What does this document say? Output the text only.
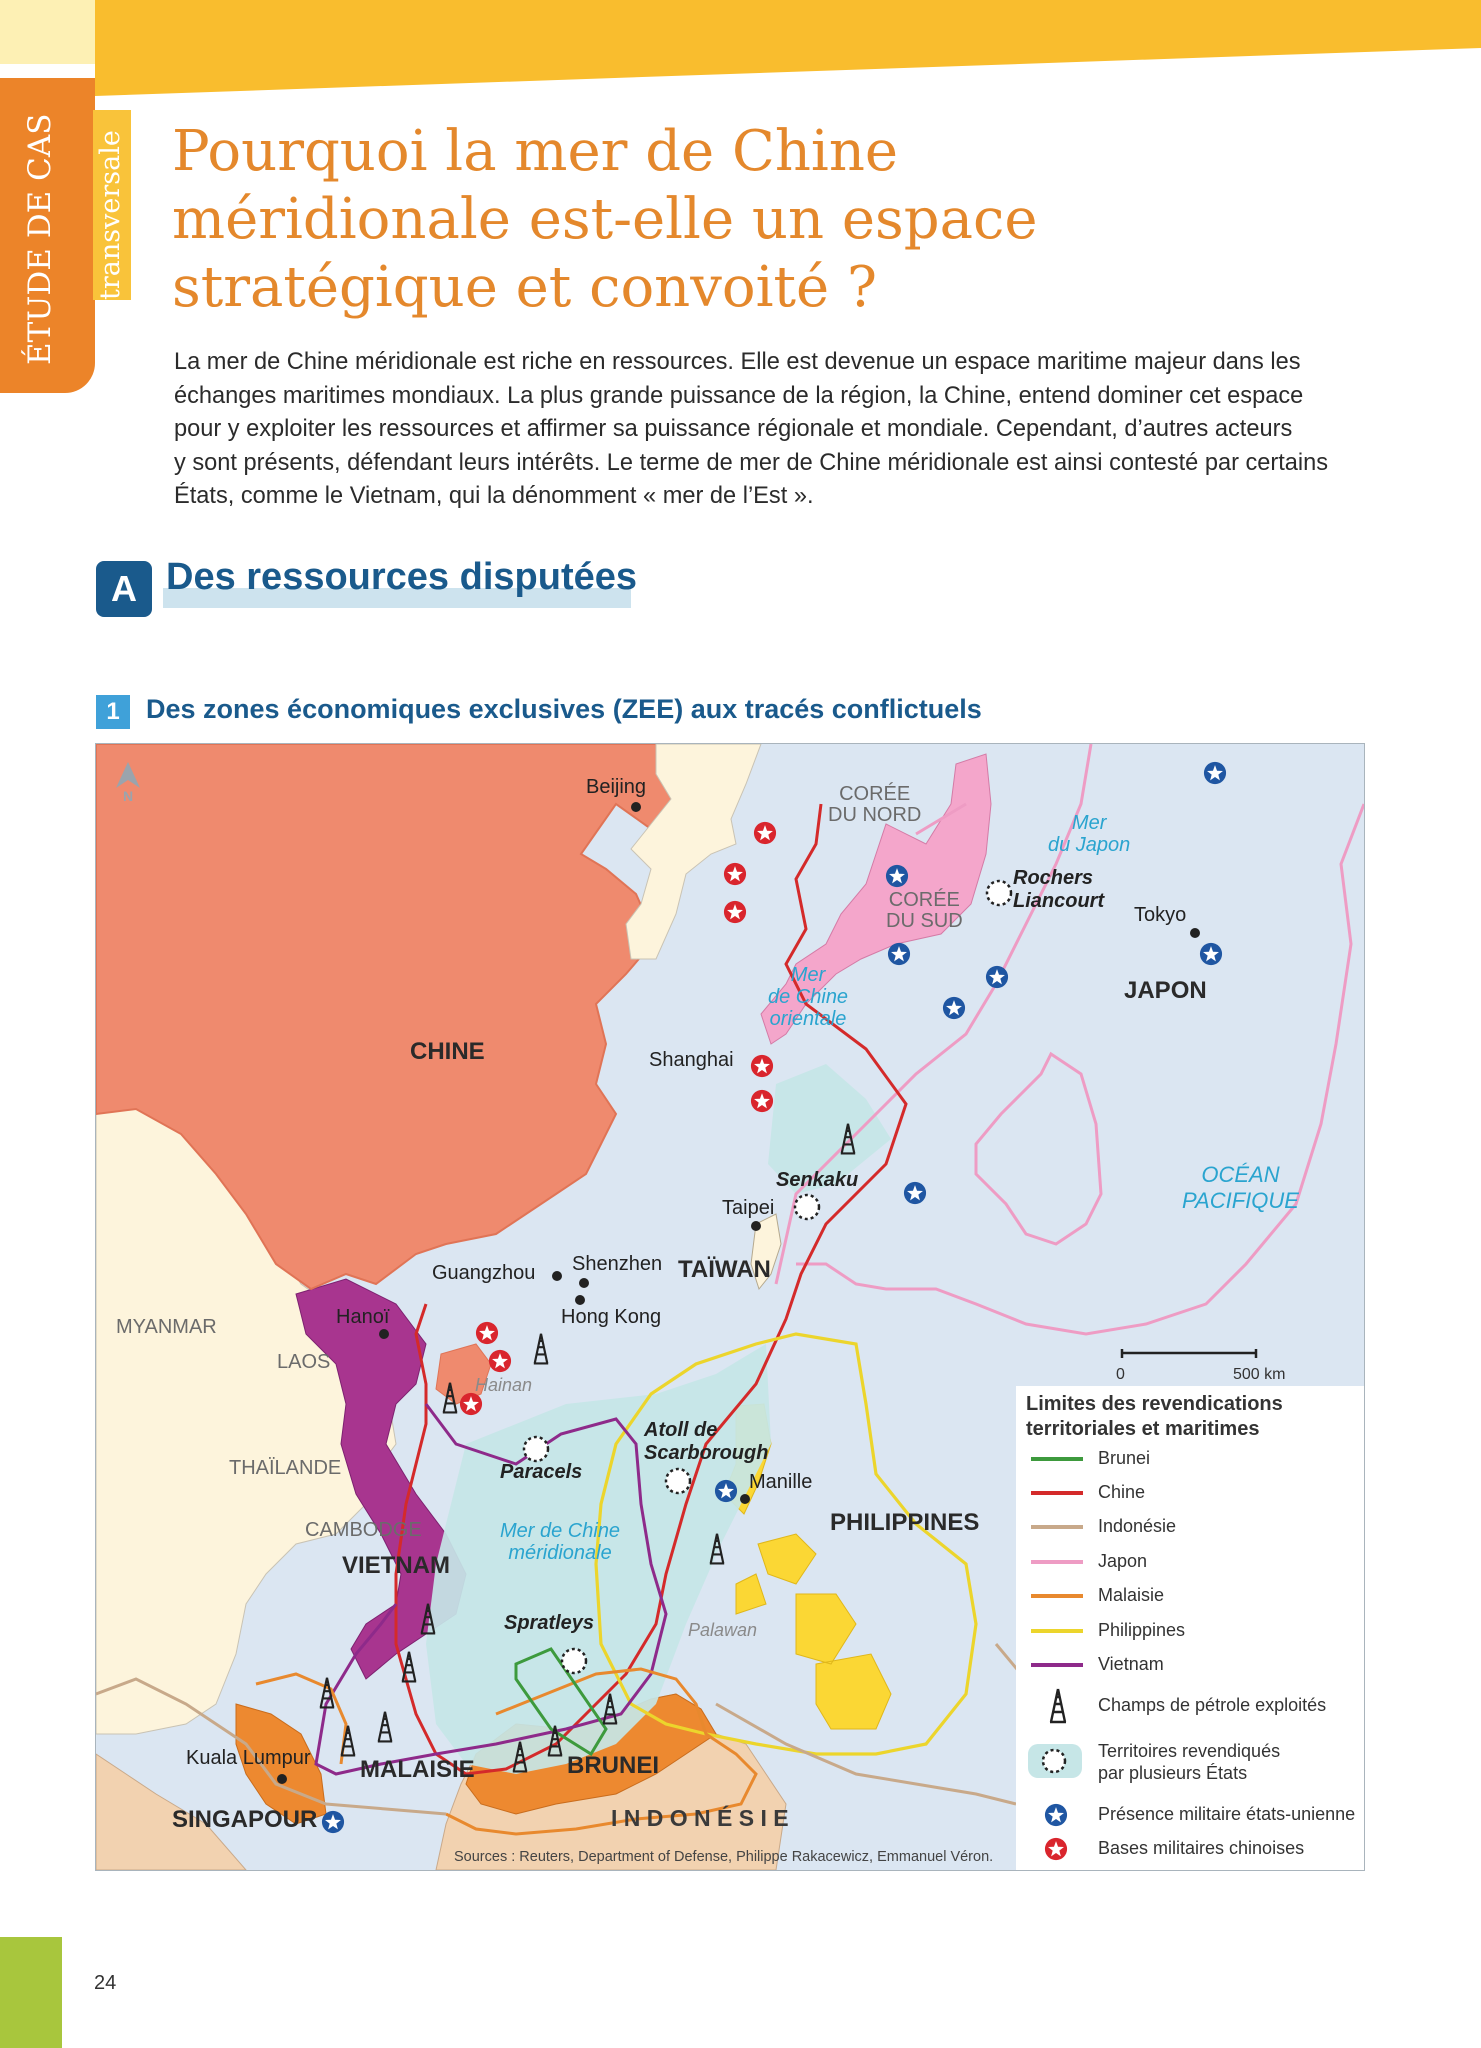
ÉTUDE DE CAS transversale Pourquoi la mer de Chine
méridionale est-elle un espace
stratégique et convoité ?
La mer de Chine méridionale est riche en ressources. Elle est devenue un espace maritime majeur dans les
échanges maritimes mondiaux. La plus grande puissance de la région, la Chine, entend dominer cet espace
pour y exploiter les ressources et affirmer sa puissance régionale et mondiale. Cependant, d’autres acteurs
y sont présents, défendant leurs intérêts. Le terme de mer de Chine méridionale est ainsi contesté par certains
États, comme le Vietnam, qui la dénomment « mer de l’Est ».
A Des ressources disputées
1 Des zones économiques exclusives (ZEE) aux tracés conflictuels
N
CHINE
CORÉE
DU NORD
CORÉE
DU SUD
JAPON
TAÏWAN
MYANMAR
LAOS
THAÏLANDE
CAMBODGE
VIETNAM
PHILIPPINES
MALAISIE	BRUNEI
SINGAPOUR	I N D O N É S I E
Beijing
Tokyo
Shanghai
Taipei
Guangzhou Shenzhen
Hong Kong
Hanoï
Manille
Kuala Lumpur
Mer
du Japon
Mer
de Chine
orientale
Mer de Chine
méridionale
OCÉAN
PACIFIQUE
Rochers
Liancourt
Senkaku
Paracels
Atoll de
Scarborough
Spratleys
Hainan
Palawan
0	500 km
Sources : Reuters, Department of Defense, Philippe Rakacewicz, Emmanuel Véron.
Limites des revendications
territoriales et maritimes
Brunei
Chine
Indonésie
Japon
Malaisie
Philippines
Vietnam
Champs de pétrole exploités
Territoires revendiqués
par plusieurs États
Présence militaire états-unienne
Bases militaires chinoises
24
